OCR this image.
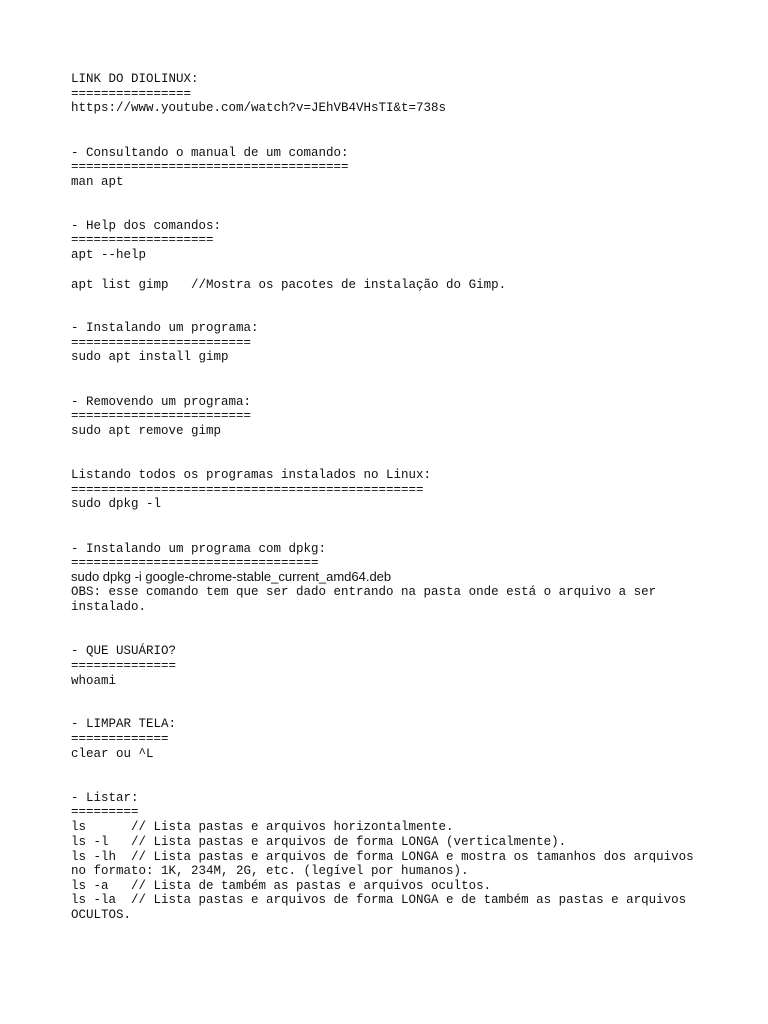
LINK DO DIOLINUX:

================

https://www.youtube.com/watch?v=JEhVB4VHsTI&t=738s

- Consultando o manual de um comando:

=====================================

man apt

- Help dos comandos:

===================

apt --help

apt list gimp   //Mostra os pacotes de instalação do Gimp.

- Instalando um programa:

========================

sudo apt install gimp

- Removendo um programa:

========================

sudo apt remove gimp

Listando todos os programas instalados no Linux:

===============================================

sudo dpkg -l

- Instalando um programa com dpkg:

=================================

sudo dpkg -i google-chrome-stable_current_amd64.deb

OBS: esse comando tem que ser dado entrando na pasta onde está o arquivo a ser

instalado.

- QUE USUÁRIO?

==============

whoami

- LIMPAR TELA:

=============

clear ou ^L

- Listar:

=========

ls      // Lista pastas e arquivos horizontalmente.

ls -l   // Lista pastas e arquivos de forma LONGA (verticalmente).

ls -lh  // Lista pastas e arquivos de forma LONGA e mostra os tamanhos dos arquivos

no formato: 1K, 234M, 2G, etc. (legível por humanos).

ls -a   // Lista de também as pastas e arquivos ocultos.

ls -la  // Lista pastas e arquivos de forma LONGA e de também as pastas e arquivos

OCULTOS.
